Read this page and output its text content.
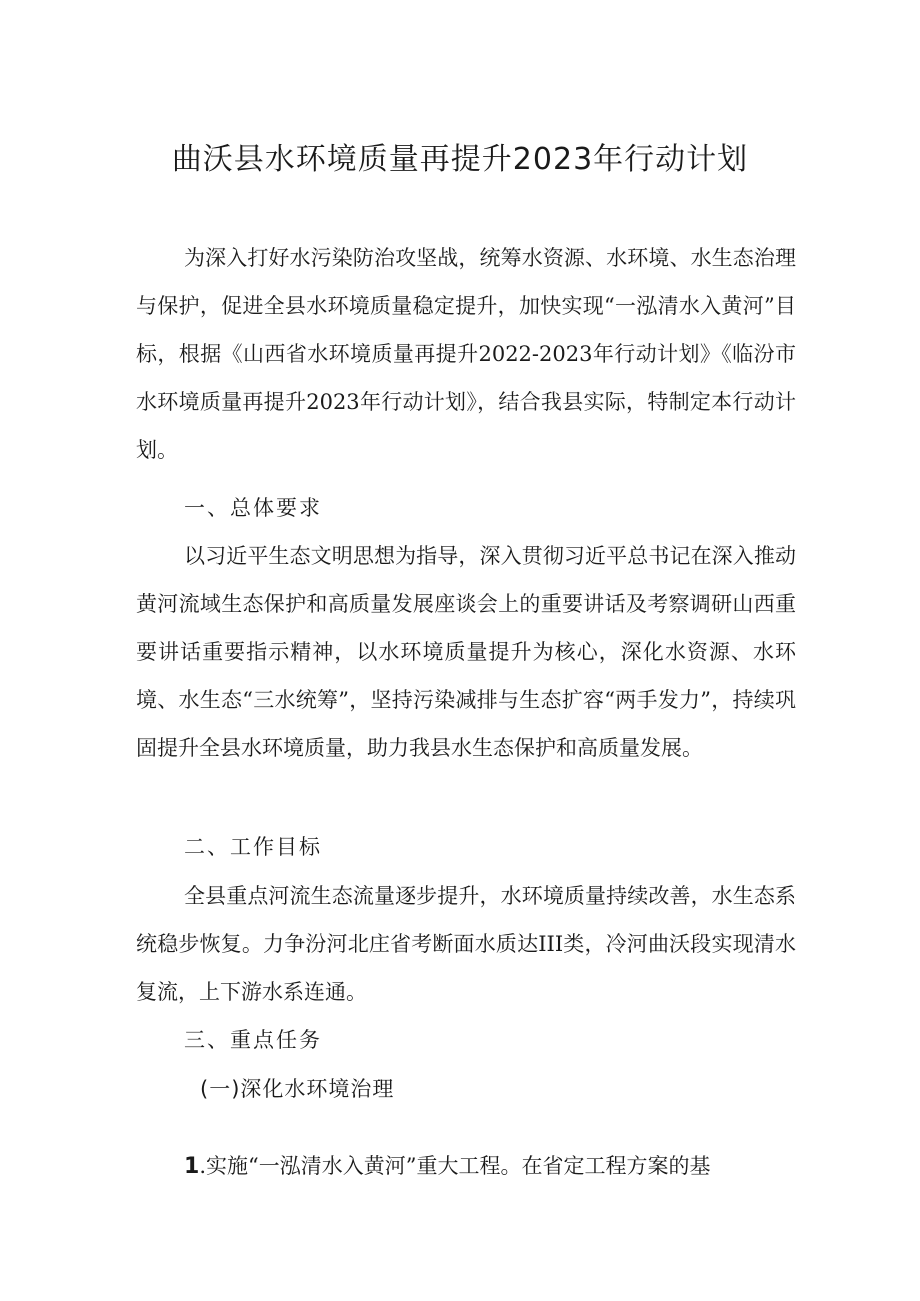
曲沃县水环境质量再提升2023年行动计划

为深入打好水污染防治攻坚战，统筹水资源、水环境、水生态治理与保护，促进全县水环境质量稳定提升，加快实现“一泓清水入黄河”目标，根据《山西省水环境质量再提升2022-2023年行动计划》《临汾市水环境质量再提升2023年行动计划》，结合我县实际，特制定本行动计划。

一、总体要求

以习近平生态文明思想为指导，深入贯彻习近平总书记在深入推动黄河流域生态保护和高质量发展座谈会上的重要讲话及考察调研山西重要讲话重要指示精神，以水环境质量提升为核心，深化水资源、水环境、水生态“三水统筹”，坚持污染减排与生态扩容“两手发力”，持续巩固提升全县水环境质量，助力我县水生态保护和高质量发展。

二、工作目标

全县重点河流生态流量逐步提升，水环境质量持续改善，水生态系统稳步恢复。力争汾河北庄省考断面水质达III类，冷河曲沃段实现清水复流，上下游水系连通。

三、重点任务
(一)深化水环境治理
1.实施“一泓清水入黄河”重大工程。在省定工程方案的基
